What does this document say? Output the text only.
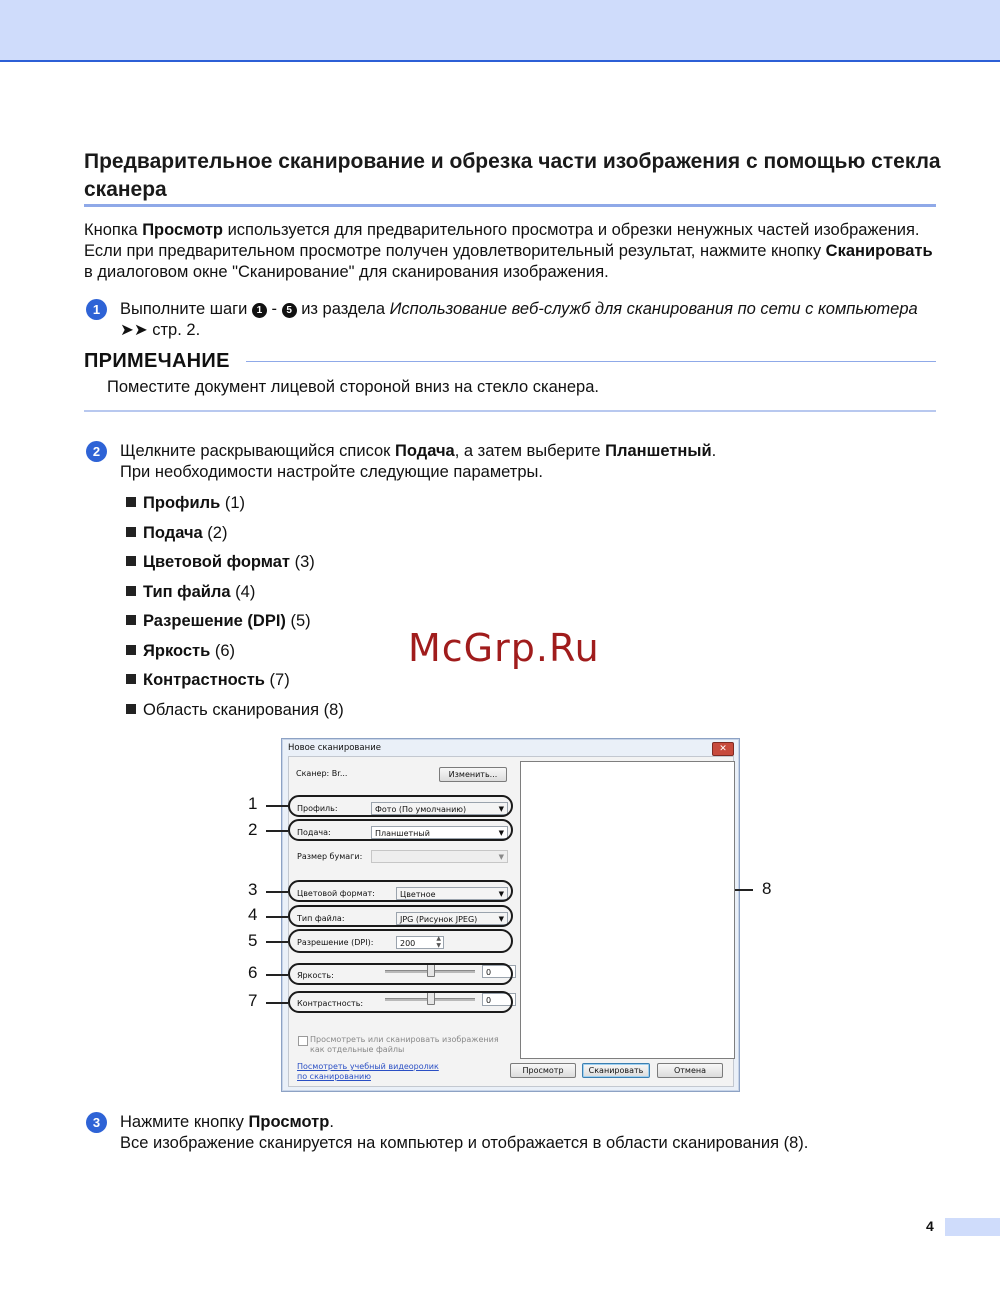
Предварительное сканирование и обрезка части изображения с помощью стекла сканера
Кнопка Просмотр используется для предварительного просмотра и обрезки ненужных частей изображения. Если при предварительном просмотре получен удовлетворительный результат, нажмите кнопку Сканировать в диалоговом окне "Сканирование" для сканирования изображения.
1	Выполните шаги 1 - 5 из раздела Использование веб-служб для сканирования по сети с компьютера ➤➤ стр. 2.
ПРИМЕЧАНИЕ
Поместите документ лицевой стороной вниз на стекло сканера.
2	Щелкните раскрывающийся список Подача, а затем выберите Планшетный.
При необходимости настройте следующие параметры.
Профиль (1)
Подача (2)
Цветовой формат (3)
Тип файла (4)
Разрешение (DPI) (5)
Яркость (6)
Контрастность (7)
Область сканирования (8)
McGrp.Ru
Новое сканирование	✕
Сканер: Br...	Изменить...
Профиль:	Фото (По умолчанию)	▼
Подача:	Планшетный	▼
Размер бумаги:	▼
Цветовой формат:	Цветное	▼
Тип файла:	JPG (Рисунок JPEG)	▼
Разрешение (DPI):	200
▲
▼
Яркость:	0
Контрастность:	0
Просмотреть или сканировать изображения как отдельные файлы
Посмотреть учебный видеоролик по сканированию
Просмотр	Сканировать	Отмена
1
2
3
4
5
6
7
8
3	Нажмите кнопку Просмотр.
Все изображение сканируется на компьютер и отображается в области сканирования (8).
4
